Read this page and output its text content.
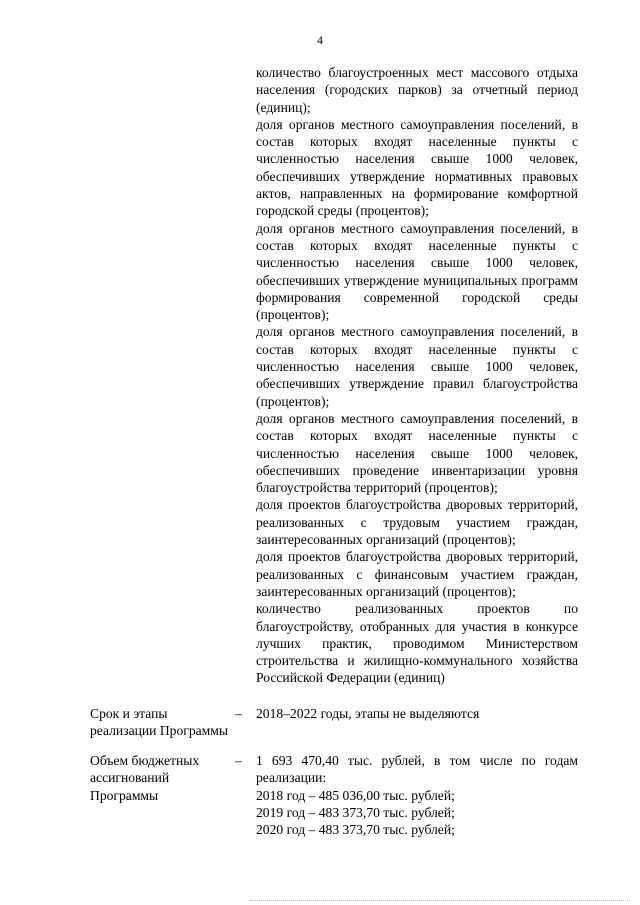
4

количество благоустроенных мест массового отдыха населения (городских парков) за отчетный период (единиц);

доля органов местного самоуправления поселений, в состав которых входят населенные пункты с численностью населения свыше 1000 человек, обеспечивших утверждение нормативных правовых актов, направленных на формирование комфортной городской среды (процентов);

доля органов местного самоуправления поселений, в состав которых входят населенные пункты с численностью населения свыше 1000 человек, обеспечивших утверждение муниципальных программ формирования современной городской среды (процентов);

доля органов местного самоуправления поселений, в состав которых входят населенные пункты с численностью населения свыше 1000 человек, обеспечивших утверждение правил благоустройства (процентов);

доля органов местного самоуправления поселений, в состав которых входят населенные пункты с численностью населения свыше 1000 человек, обеспечивших проведение инвентаризации уровня благоустройства территорий (процентов);

доля проектов благоустройства дворовых территорий, реализованных с трудовым участием граждан, заинтересованных организаций (процентов);

доля проектов благоустройства дворовых территорий, реализованных с финансовым участием граждан, заинтересованных организаций (процентов);

количество реализованных проектов по благоустройству, отобранных для участия в конкурсе лучших практик, проводимом Министерством строительства и жилищно-коммунального хозяйства Российской Федерации (единиц)

Срок и этапы реализации Программы
–	2018–2022 годы, этапы не выделяются
Объем бюджетных ассигнований Программы
–	1 693 470,40 тыс. рублей, в том числе по годам реализации:
2018 год – 485 036,00 тыс. рублей;
2019 год – 483 373,70 тыс. рублей;
2020 год – 483 373,70 тыс. рублей;
